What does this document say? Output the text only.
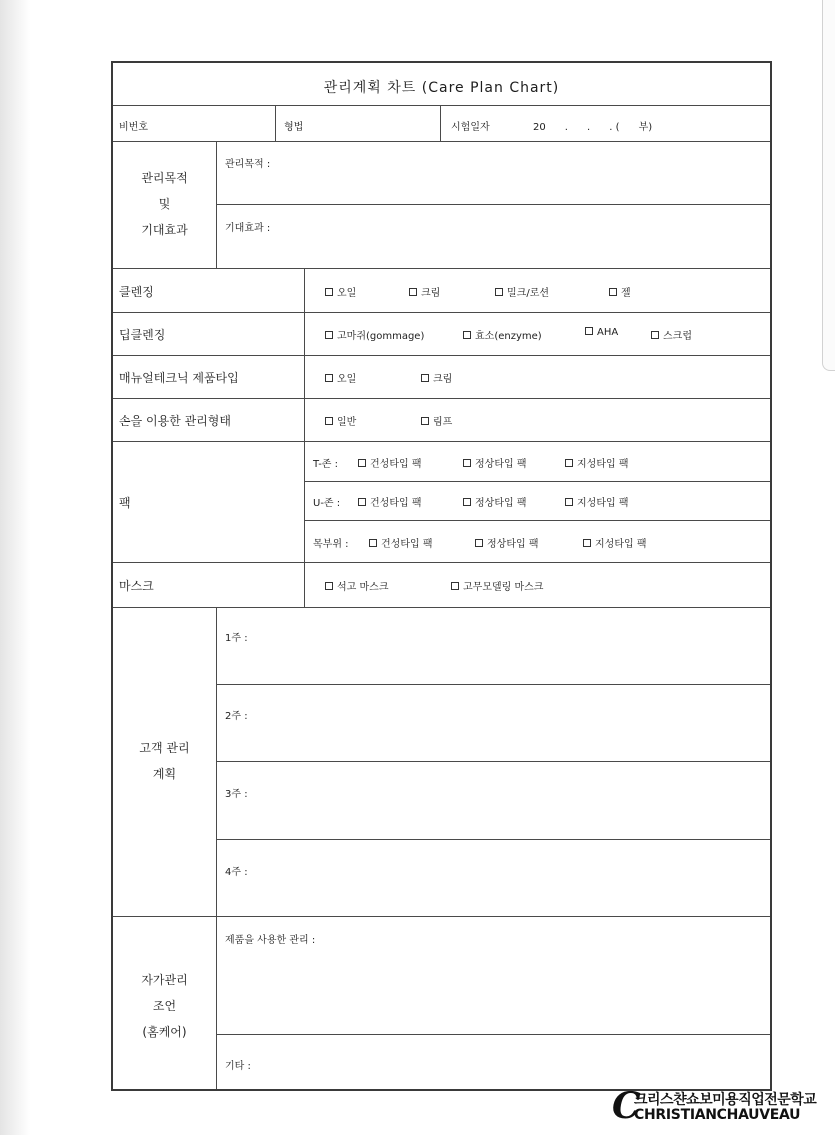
관리계획 차트 (Care Plan Chart)
비번호	형법	시험일자	20      .      .      . (      부)
관리목적
및
기대효과
관리목적 :
기대효과 :
클렌징	오일	크림	밀크/로션	젤
딥클렌징	고마쥐(gommage)	효소(enzyme)	AHA	스크럽
매뉴얼테크닉 제품타입	오일	크림
손을 이용한 관리형태	일반	림프
팩
T-존 :	건성타입 팩	정상타입 팩	지성타입 팩
U-존 :	건성타입 팩	정상타입 팩	지성타입 팩
목부위 :	건성타입 팩	정상타입 팩	지성타입 팩
마스크	석고 마스크	고무모델링 마스크
고객 관리
계획
1주 :
2주 :
3주 :
4주 :
자가관리
조언
(홈케어)
제품을 사용한 관리 :
기타 :
C
크리스챤쇼보미용직업전문학교
CHRISTIANCHAUVEAU
